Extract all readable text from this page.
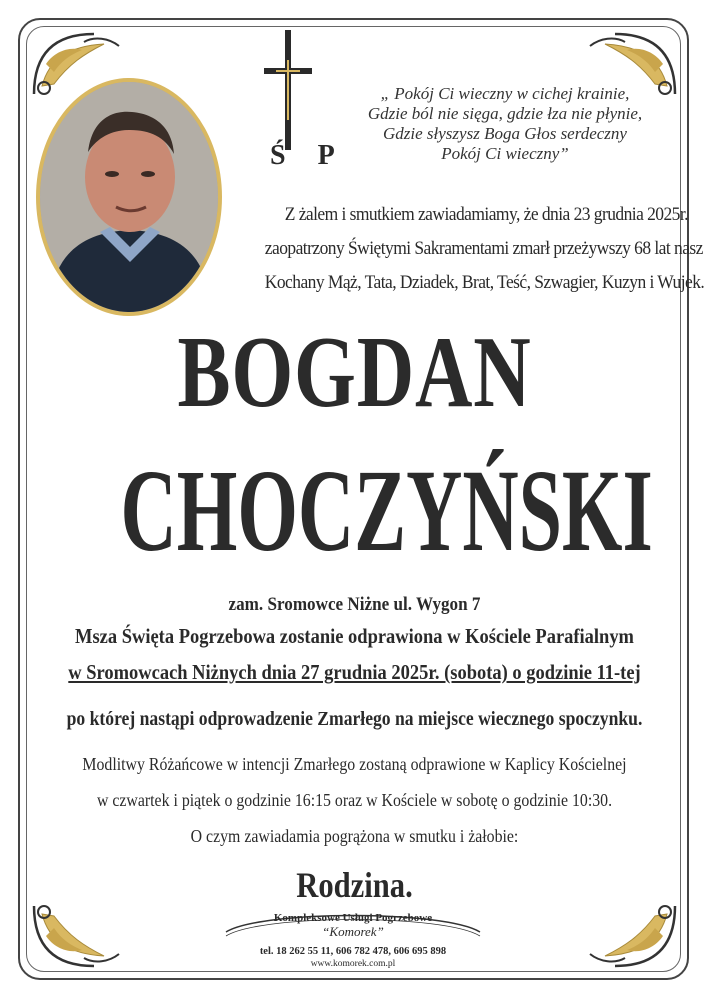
ŚP
„ Pokój Ci wieczny w cichej krainie,
Gdzie ból nie sięga, gdzie łza nie płynie,
Gdzie słyszysz Boga Głos serdeczny
Pokój Ci wieczny”
Z żalem i smutkiem zawiadamiamy, że dnia 23 grudnia 2025r.
zaopatrzony Świętymi Sakramentami zmarł przeżywszy 68 lat nasz
Kochany Mąż, Tata, Dziadek, Brat, Teść, Szwagier, Kuzyn i Wujek.
BOGDAN
CHOCZYŃSKI
zam. Sromowce Niżne ul. Wygon 7
Msza Święta Pogrzebowa zostanie odprawiona w Kościele Parafialnym
w Sromowcach Niżnych dnia 27 grudnia 2025r. (sobota) o godzinie 11-tej
po której nastąpi odprowadzenie Zmarłego na miejsce wiecznego spoczynku.
Modlitwy Różańcowe w intencji Zmarłego zostaną odprawione w Kaplicy Kościelnej
w czwartek i piątek o godzinie 16:15 oraz w Kościele w sobotę o godzinie 10:30.
O czym zawiadamia pogrążona w smutku i żałobie:
Rodzina.
Kompleksowe Usługi Pogrzebowe
“Komorek”
tel. 18 262 55 11, 606 782 478, 606 695 898
www.komorek.com.pl
